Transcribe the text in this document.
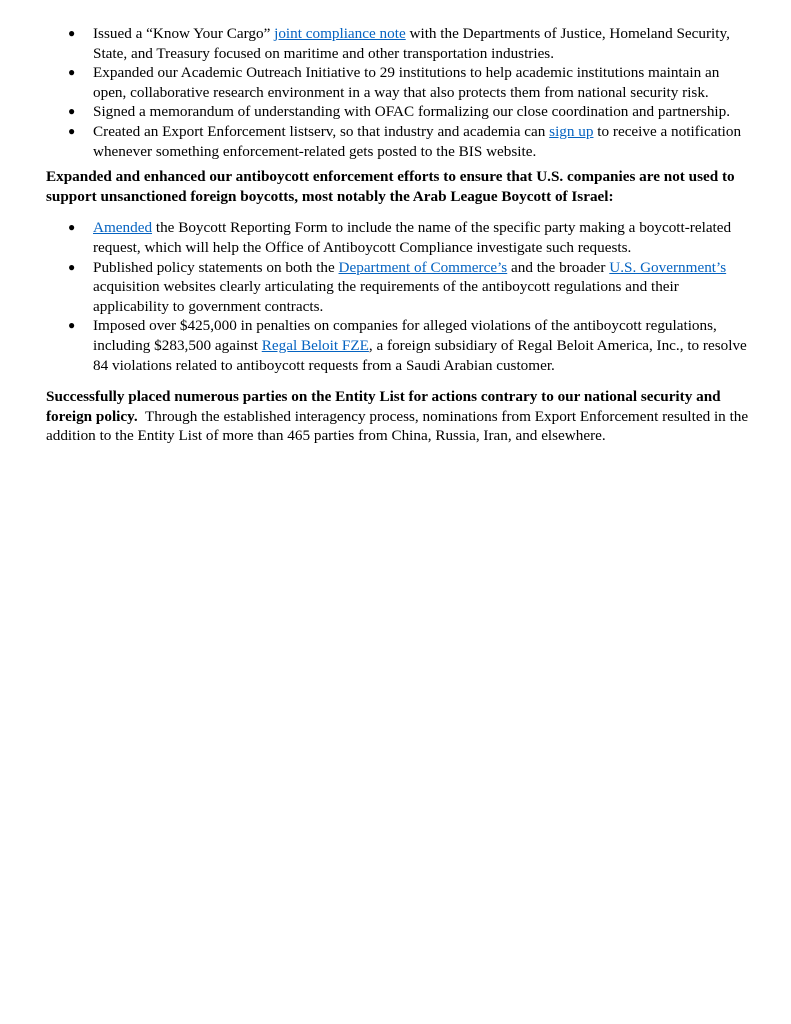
● Issued a “Know Your Cargo” joint compliance note with the Departments of Justice, Homeland Security, State, and Treasury focused on maritime and other transportation industries.
● Expanded our Academic Outreach Initiative to 29 institutions to help academic institutions maintain an open, collaborative research environment in a way that also protects them from national security risk.
● Signed a memorandum of understanding with OFAC formalizing our close coordination and partnership.
● Created an Export Enforcement listserv, so that industry and academia can sign up to receive a notification whenever something enforcement-related gets posted to the BIS website.

Expanded and enhanced our antiboycott enforcement efforts to ensure that U.S. companies are not used to support unsanctioned foreign boycotts, most notably the Arab League Boycott of Israel:

● Amended the Boycott Reporting Form to include the name of the specific party making a boycott-related request, which will help the Office of Antiboycott Compliance investigate such requests.
● Published policy statements on both the Department of Commerce’s and the broader U.S. Government’s acquisition websites clearly articulating the requirements of the antiboycott regulations and their applicability to government contracts.
● Imposed over $425,000 in penalties on companies for alleged violations of the antiboycott regulations, including $283,500 against Regal Beloit FZE, a foreign subsidiary of Regal Beloit America, Inc., to resolve 84 violations related to antiboycott requests from a Saudi Arabian customer.

Successfully placed numerous parties on the Entity List for actions contrary to our national security and foreign policy.  Through the established interagency process, nominations from Export Enforcement resulted in the addition to the Entity List of more than 465 parties from China, Russia, Iran, and elsewhere.
